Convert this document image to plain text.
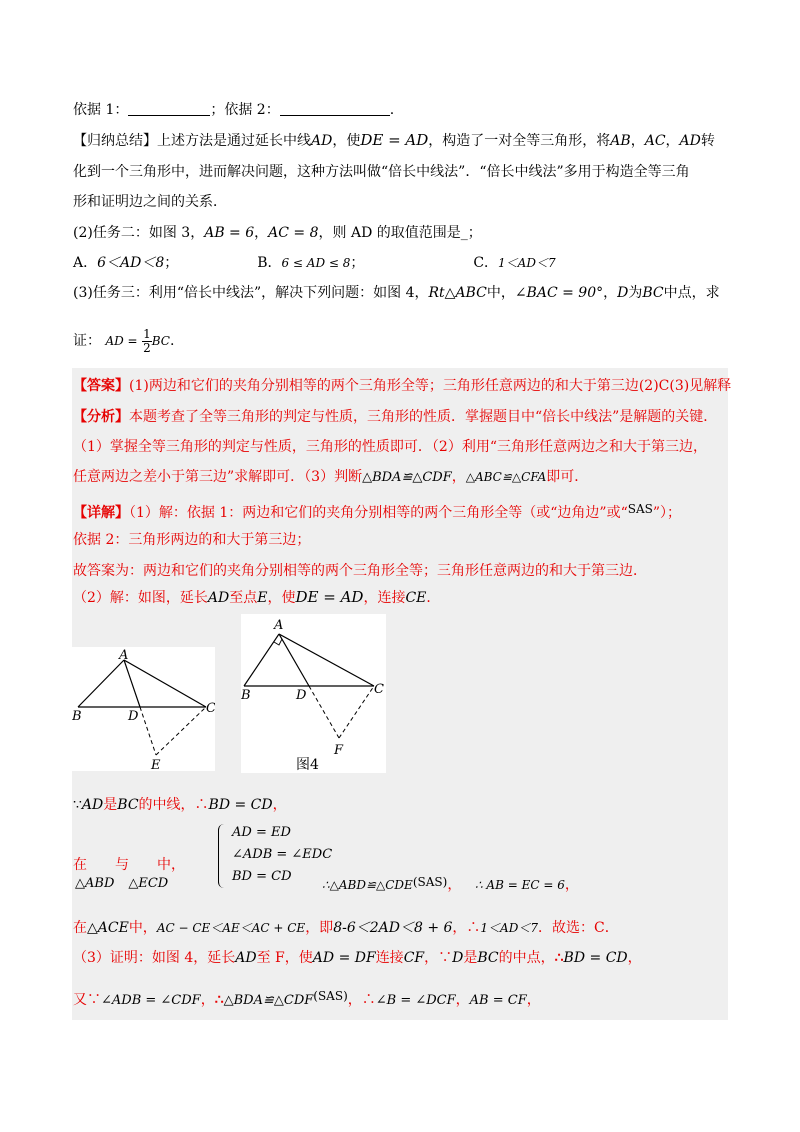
依据 1：	；依据 2：	.
【归纳总结】上述方法是通过延长中线AD，使DE = AD，构造了一对全等三角形，将AB，AC，AD转
化到一个三角形中，进而解决问题，这种方法叫做“倍长中线法”．“倍长中线法”多用于构造全等三角
形和证明边之间的关系．
(2)任务二：如图 3，AB = 6，AC = 8，则 AD 的取值范围是_；
A．6＜AD＜8；	B．6 ≤ AD ≤ 8；	C．1＜AD＜7
(3)任务三：利用“倍长中线法”，解决下列问题：如图 4，Rt△ABC中，∠BAC = 90°，D为BC中点，求
证： AD = $\frac{1}{2}$ BC.
【答案】(1)两边和它们的夹角分别相等的两个三角形全等；三角形任意两边的和大于第三边(2)C(3)见解释
【分析】本题考查了全等三角形的判定与性质，三角形的性质．掌握题目中“倍长中线法”是解题的关键．
（1）掌握全等三角形的判定与性质，三角形的性质即可．（2）利用“三角形任意两边之和大于第三边，
任意两边之差小于第三边”求解即可．（3）判断△BDA≌△CDF，△ABC≌△CFA即可．
【详解】（1）解：依据 1：两边和它们的夹角分别相等的两个三角形全等（或“边角边”或“SAS”）；
依据 2：三角形两边的和大于第三边；
故答案为：两边和它们的夹角分别相等的两个三角形全等；三角形任意两边的和大于第三边．
（2）解：如图，延长AD至点E，使DE = AD，连接CE．
A
B	D
C
E
A
B	D	C
F
图4
∵AD是BC的中线，∴BD = CD，
在 与 中，
△ABD △ECD
AD = ED
∠ADB = ∠EDC
BD = CD
∴△ABD≌△CDE(SAS)， ∴ AB = EC = 6，
在△ACE中，AC − CE＜AE＜AC + CE，即8-6＜2AD＜8 + 6，∴1＜AD＜7．故选：C．
（3）证明：如图 4，延长AD至 F，使AD = DF连接CF，∵D是BC的中点，∴BD = CD，
又∵∠ADB = ∠CDF，∴△BDA≌△CDF(SAS)，∴∠B = ∠DCF，AB = CF，
